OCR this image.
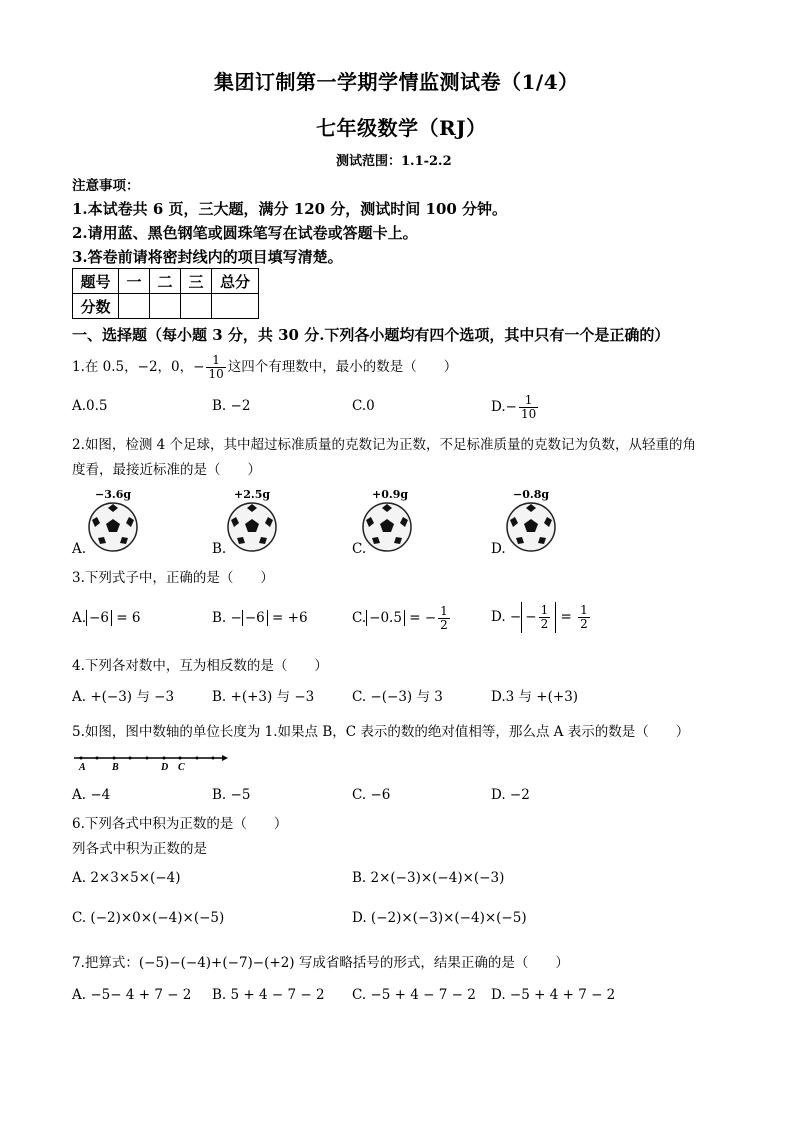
集团订制第一学期学情监测试卷（1/4）
七年级数学（RJ）
测试范围：1.1-2.2
注意事项：
1.本试卷共 6 页，三大题，满分 120 分，测试时间 100 分钟。
2.请用蓝、黑色钢笔或圆珠笔写在试卷或答题卡上。
3.答卷前请将密封线内的项目填写清楚。
题号	一	二	三	总分
分数				
一、选择题（每小题 3 分，共 30 分.下列各小题均有四个选项，其中只有一个是正确的）
1.在 0.5，−2，0，− $\frac{1}{10}$ 这四个有理数中，最小的数是（　　）
A.0.5	B. −2	C.0	$D.- \frac{1}{10}$
2.如图，检测 4 个足球，其中超过标准质量的克数记为正数，不足标准质量的克数记为负数，从轻重的角
度看，最接近标准的是（　　）
−3.6g	+2.5g	+0.9g	−0.8g
A.	B.	C.	D.
3.下列式子中，正确的是（　　）
A. −6 = 6	B. − −6 = +6	C. −0.5 = − $\frac{1}{2}$	D. − − $\frac{1}{2} = \frac{1}{2}$
4.下列各对数中，互为相反数的是（　　）
A. +(−3) 与 −3	B. +(+3) 与 −3	C. −(−3) 与 3	D.3 与 +(+3)
5.如图，图中数轴的单位长度为 1.如果点 B，C 表示的数的绝对值相等，那么点 A 表示的数是（　　）
A	B	D C
A. −4	B. −5	C. −6	D. −2
6.下列各式中积为正数的是（　　）
列各式中积为正数的是
A. 2×3×5×(−4)	B. 2×(−3)×(−4)×(−3)
C. (−2)×0×(−4)×(−5)	D. (−2)×(−3)×(−4)×(−5)
7.把算式：(−5)−(−4)+(−7)−(+2) 写成省略括号的形式，结果正确的是（　　）
A. −5− 4 + 7 − 2 B. 5 + 4 − 7 − 2 C. −5 + 4 − 7 − 2 D. −5 + 4 + 7 − 2
